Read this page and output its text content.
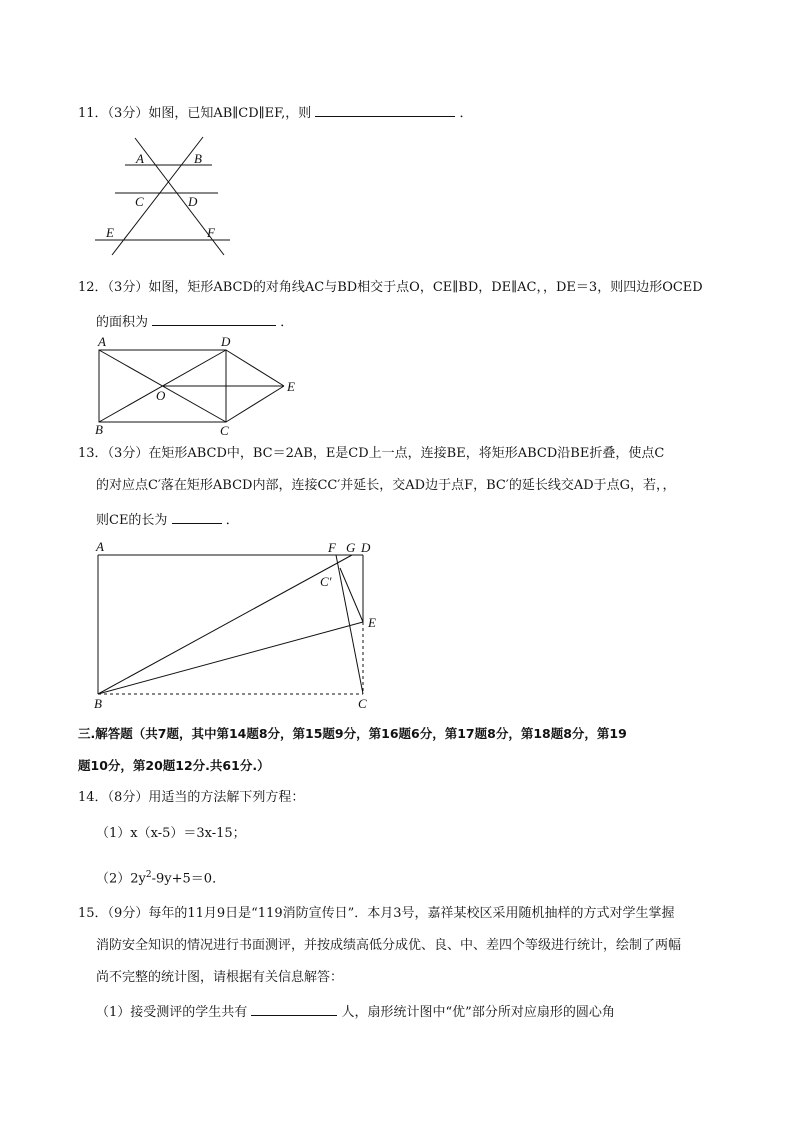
11．（3分）如图，已知AB∥CD∥EF,，则	．
A	B
C	D
E	F
12．（3分）如图，矩形ABCD的对角线AC与BD相交于点O，CE∥BD，DE∥AC，，DE＝3，则四边形OCED
的面积为	．
A	D
O
E
B	C
13．（3分）在矩形ABCD中，BC＝2AB，E是CD上一点，连接BE，将矩形ABCD沿BE折叠，使点C
的对应点C′落在矩形ABCD内部，连接CC′并延长，交AD边于点F，BC′的延长线交AD于点G，若，，
则CE的长为	．
A	F G D
C′
E
B	C
三.解答题（共7题，其中第14题8分，第15题9分，第16题6分，第17题8分，第18题8分，第19
题10分，第20题12分.共61分.）
14．（8分）用适当的方法解下列方程：
（1）x（x-5）＝3x-15；
$(2)2y^2-9y+5=0$．
15．（9分）每年的11月9日是“119消防宣传日”．本月3号，嘉祥某校区采用随机抽样的方式对学生掌握
消防安全知识的情况进行书面测评，并按成绩高低分成优、良、中、差四个等级进行统计，绘制了两幅
尚不完整的统计图，请根据有关信息解答：
（1）接受测评的学生共有	人，扇形统计图中“优”部分所对应扇形的圆心角
